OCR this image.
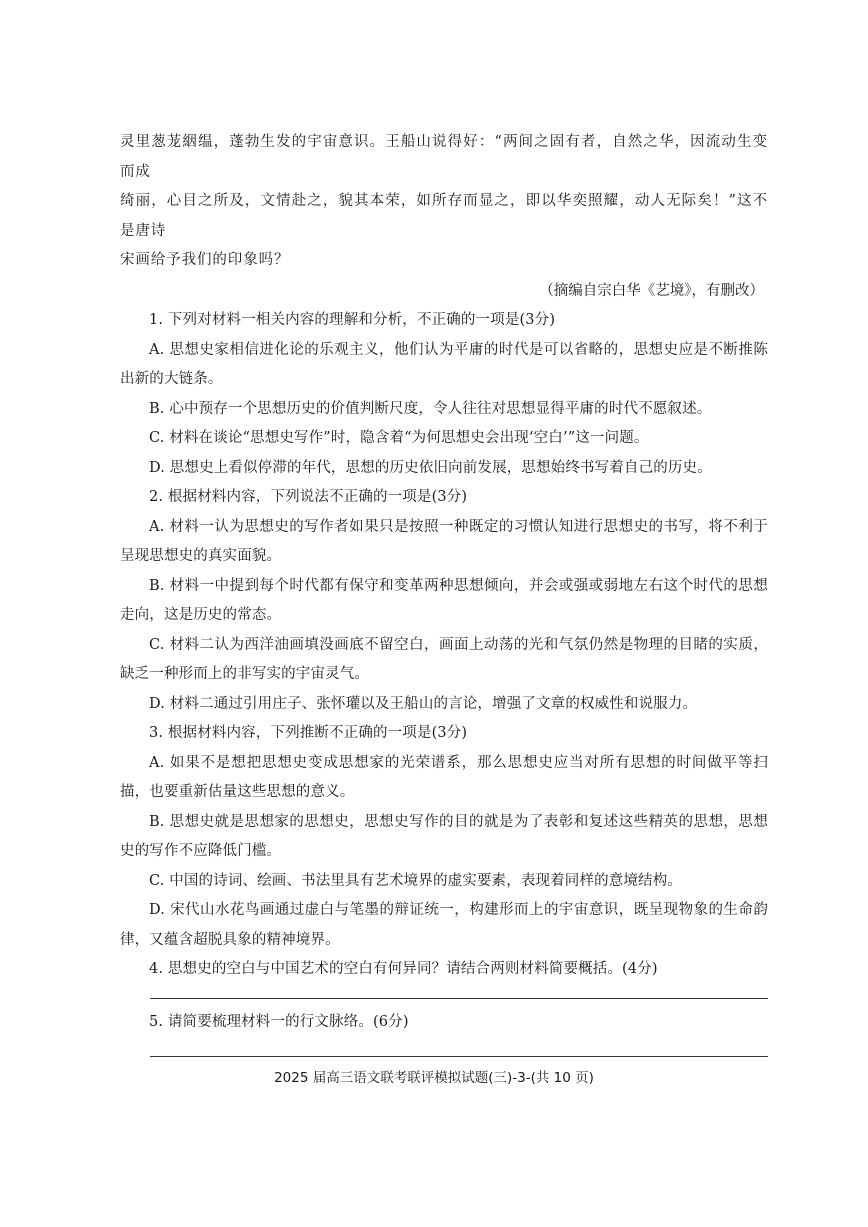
灵里葱茏絪缊，蓬勃生发的宇宙意识。王船山说得好：“两间之固有者，自然之华，因流动生变而成

绮丽，心目之所及，文情赴之，貌其本荣，如所存而显之，即以华奕照耀，动人无际矣！”这不是唐诗

宋画给予我们的印象吗？

（摘编自宗白华《艺境》，有删改）

1. 下列对材料一相关内容的理解和分析，不正确的一项是(3分)

A. 思想史家相信进化论的乐观主义，他们认为平庸的时代是可以省略的，思想史应是不断推陈出新的大链条。

B. 心中预存一个思想历史的价值判断尺度，令人往往对思想显得平庸的时代不愿叙述。

C. 材料在谈论“思想史写作”时，隐含着“为何思想史会出现‘空白’”这一问题。

D. 思想史上看似停滞的年代，思想的历史依旧向前发展，思想始终书写着自己的历史。

2. 根据材料内容，下列说法不正确的一项是(3分)

A. 材料一认为思想史的写作者如果只是按照一种既定的习惯认知进行思想史的书写，将不利于呈现思想史的真实面貌。

B. 材料一中提到每个时代都有保守和变革两种思想倾向，并会或强或弱地左右这个时代的思想走向，这是历史的常态。

C. 材料二认为西洋油画填没画底不留空白，画面上动荡的光和气氛仍然是物理的目睹的实质，缺乏一种形而上的非写实的宇宙灵气。

D. 材料二通过引用庄子、张怀瓘以及王船山的言论，增强了文章的权威性和说服力。

3. 根据材料内容，下列推断不正确的一项是(3分)

A. 如果不是想把思想史变成思想家的光荣谱系，那么思想史应当对所有思想的时间做平等扫描，也要重新估量这些思想的意义。

B. 思想史就是思想家的思想史，思想史写作的目的就是为了表彰和复述这些精英的思想，思想史的写作不应降低门槛。

C. 中国的诗词、绘画、书法里具有艺术境界的虚实要素，表现着同样的意境结构。

D. 宋代山水花鸟画通过虚白与笔墨的辩证统一，构建形而上的宇宙意识，既呈现物象的生命韵律，又蕴含超脱具象的精神境界。

4. 思想史的空白与中国艺术的空白有何异同？请结合两则材料简要概括。(4分)

5. 请简要梳理材料一的行文脉络。(6分)

2025 届高三语文联考联评模拟试题(三)-3-(共 10 页)
